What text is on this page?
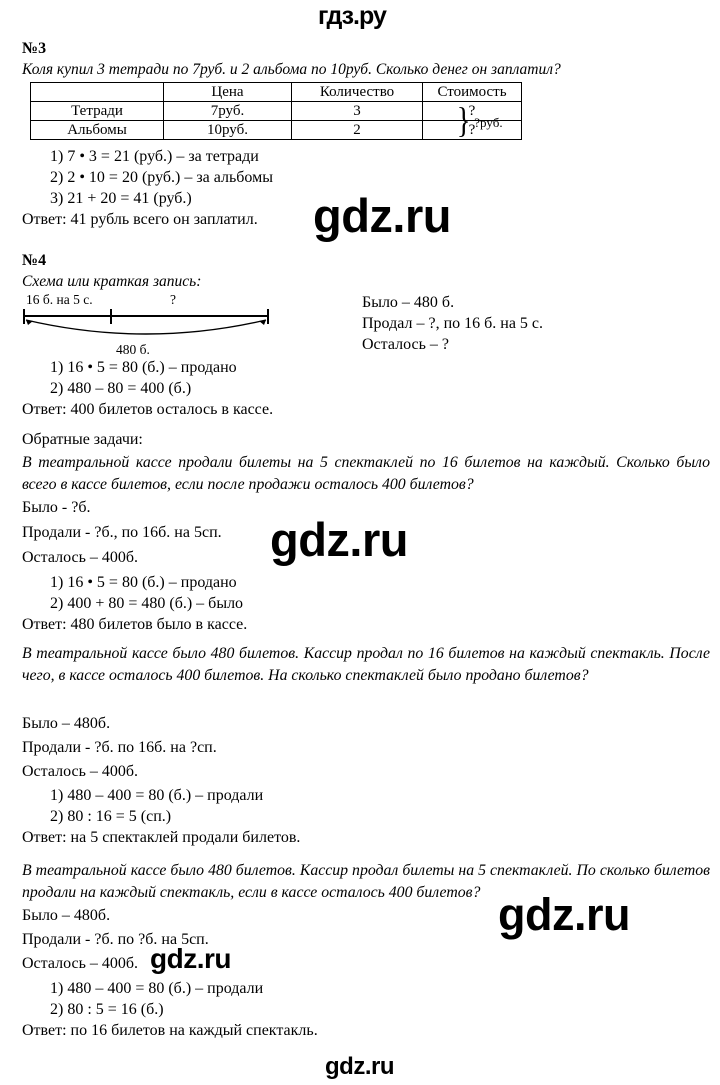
гдз.ру
gdz.ru
gdz.ru
gdz.ru
gdz.ru
gdz.ru
№3
Коля купил 3 тетради по 7руб. и 2 альбома по 10руб. Сколько денег он заплатил?
	Цена	Количество	Стоимость
Тетради	7руб.	3	?
Альбомы	10руб.	2	?
} ?руб.
1) 7 • 3 = 21 (руб.) – за тетради
2) 2 • 10 = 20 (руб.) – за альбомы
3) 21 + 20 = 41 (руб.)
Ответ: 41 рубль всего он заплатил.
№4
Схема или краткая запись:
16 б. на 5 с.	?
480 б.
Было – 480 б.
Продал – ?, по 16 б. на 5 с.
Осталось – ?
1) 16 • 5 = 80 (б.) – продано
2) 480 – 80 = 400 (б.)
Ответ: 400 билетов осталось в кассе.
Обратные задачи:
В театральной кассе продали билеты на 5 спектаклей по 16 билетов на каждый. Сколько было всего в кассе билетов, если после продажи осталось 400 билетов?
Было - ?б.
Продали - ?б., по 16б. на 5сп.
Осталось – 400б.
1) 16 • 5 = 80 (б.) – продано
2) 400 + 80 = 480 (б.) – было
Ответ: 480 билетов было в кассе.
В театральной кассе было 480 билетов. Кассир продал по 16 билетов на каждый спектакль. После чего, в кассе осталось 400 билетов. На сколько спектаклей было продано билетов?
Было – 480б.
Продали - ?б. по 16б. на ?сп.
Осталось – 400б.
1) 480 – 400 = 80 (б.) – продали
2) 80 : 16 = 5 (сп.)
Ответ: на 5 спектаклей продали билетов.
В театральной кассе было 480 билетов. Кассир продал билеты на 5 спектаклей. По сколько билетов продали на каждый спектакль, если в кассе осталось 400 билетов?
Было – 480б.
Продали - ?б. по ?б. на 5сп.
Осталось – 400б.
1) 480 – 400 = 80 (б.) – продали
2) 80 : 5 = 16 (б.)
Ответ: по 16 билетов на каждый спектакль.
